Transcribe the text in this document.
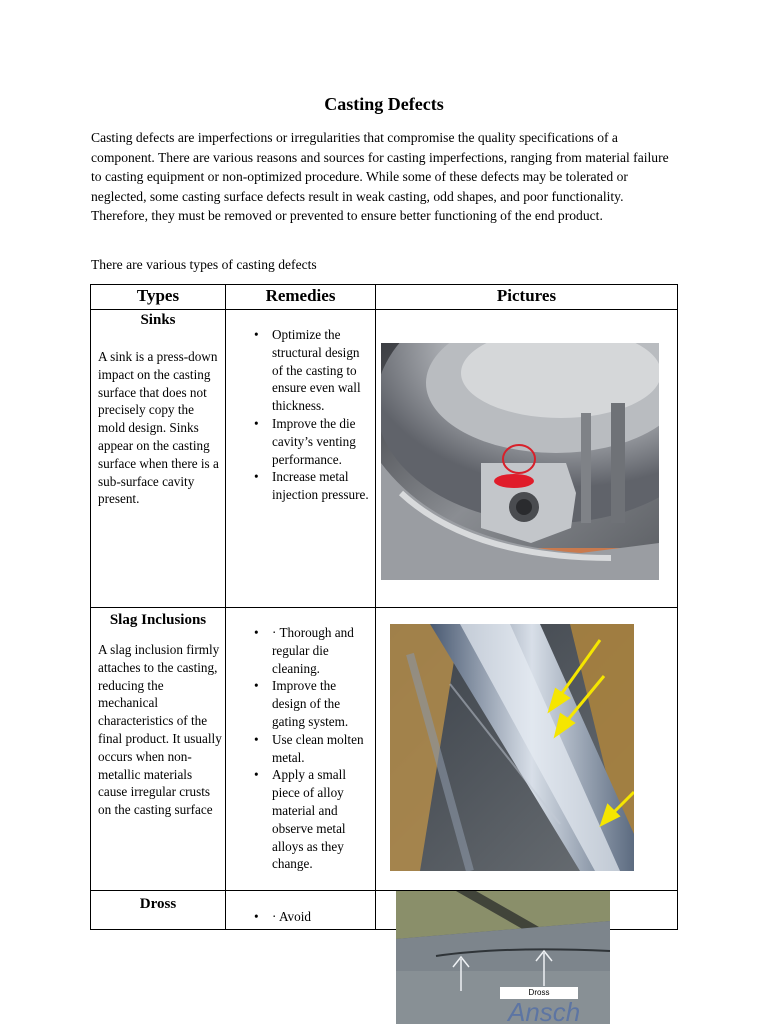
Casting Defects

Casting defects are imperfections or irregularities that compromise the quality specifications of a component. There are various reasons and sources for casting imperfections, ranging from material failure to casting equipment or non-optimized procedure. While some of these defects may be tolerated or neglected, some casting surface defects result in weak casting, odd shapes, and poor functionality. Therefore, they must be removed or prevented to ensure better functioning of the end product.

There are various types of casting defects

Types	Remedies	Pictures
Sinks

A sink is a press-down impact on the casting surface that does not precisely copy the mold design. Sinks appear on the casting surface when there is a sub-surface cavity present.

• Optimize the structural design of the casting to ensure even wall thickness.
• Improve the die cavity’s venting performance.
• Increase metal injection pressure.
Slag Inclusions

A slag inclusion firmly attaches to the casting, reducing the mechanical characteristics of the final product. It usually occurs when non-metallic materials cause irregular crusts on the casting surface

• · Thorough and regular die cleaning.
• Improve the design of the gating system.
• Use clean molten metal.
• Apply a small piece of alloy material and observe metal alloys as they change.
Dross
• · Avoid
Dross
Ansch
